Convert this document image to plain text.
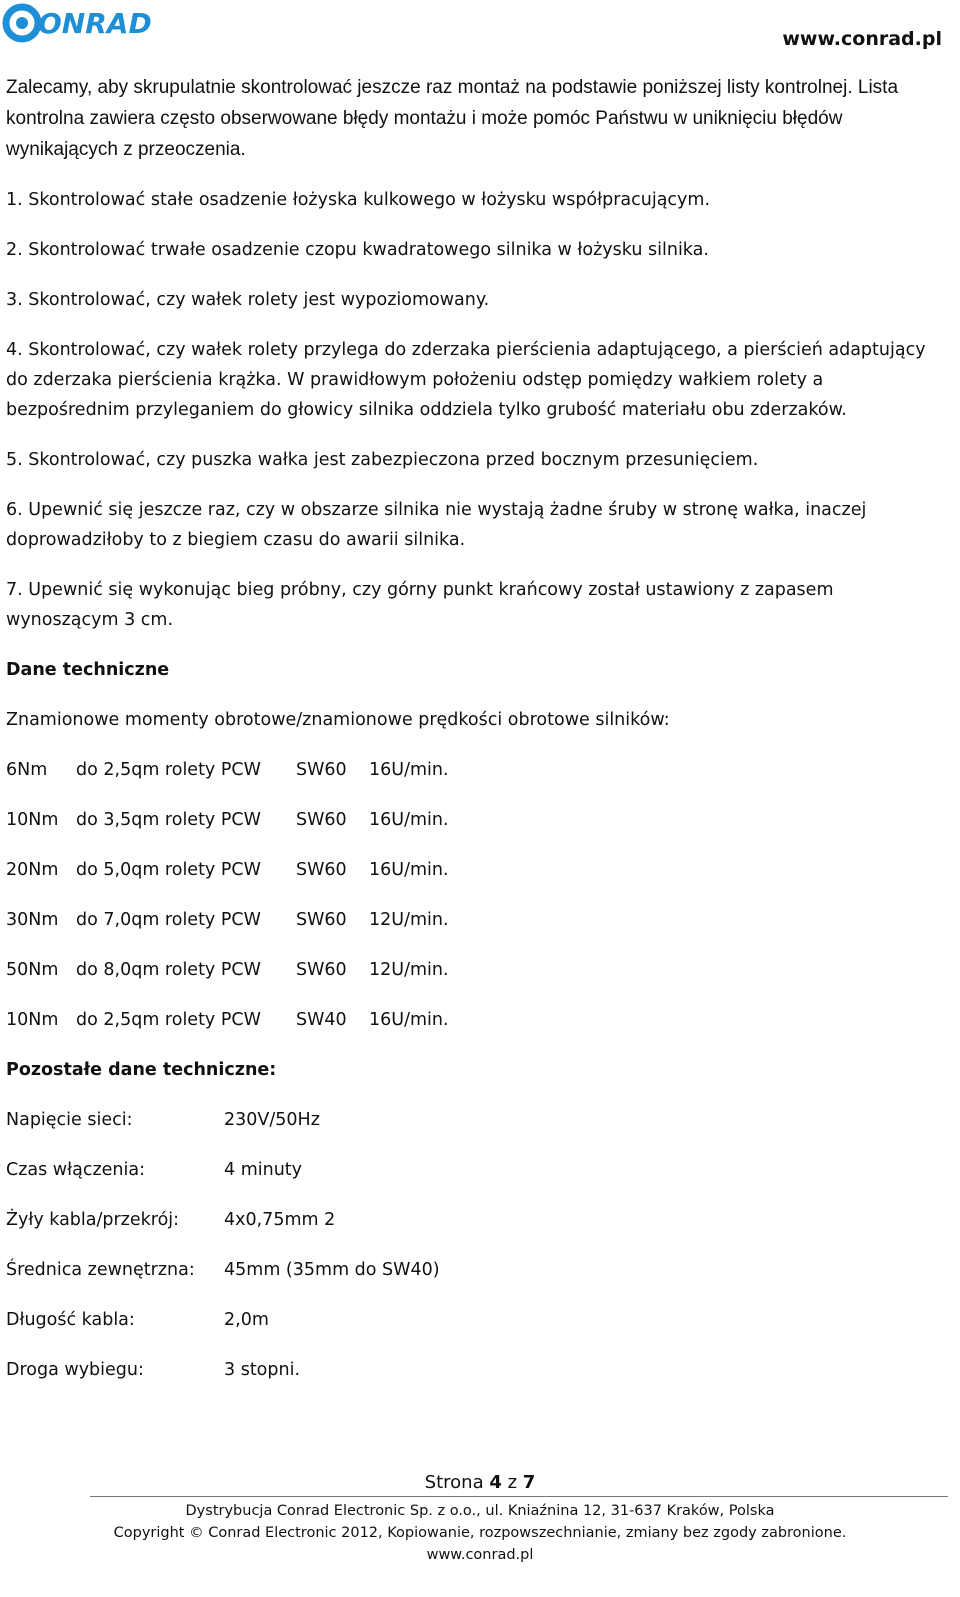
ONRAD	www.conrad.pl

Zalecamy, aby skrupulatnie skontrolować jeszcze raz montaż na podstawie poniższej listy kontrolnej. Lista kontrolna zawiera często obserwowane błędy montażu i może pomóc Państwu w uniknięciu błędów wynikających z przeoczenia.

1. Skontrolować stałe osadzenie łożyska kulkowego w łożysku współpracującym.

2. Skontrolować trwałe osadzenie czopu kwadratowego silnika w łożysku silnika.

3. Skontrolować, czy wałek rolety jest wypoziomowany.

4. Skontrolować, czy wałek rolety przylega do zderzaka pierścienia adaptującego, a pierścień adaptujący do zderzaka pierścienia krążka. W prawidłowym położeniu odstęp pomiędzy wałkiem rolety a bezpośrednim przyleganiem do głowicy silnika oddziela tylko grubość materiału obu zderzaków.

5. Skontrolować, czy puszka wałka jest zabezpieczona przed bocznym przesunięciem.

6. Upewnić się jeszcze raz, czy w obszarze silnika nie wystają żadne śruby w stronę wałka, inaczej doprowadziłoby to z biegiem czasu do awarii silnika.

7. Upewnić się wykonując bieg próbny, czy górny punkt krańcowy został ustawiony z zapasem wynoszącym 3 cm.

Dane techniczne

Znamionowe momenty obrotowe/znamionowe prędkości obrotowe silników:

6Nm	do 2,5qm rolety PCW	SW60	16U/min.
10Nm	do 3,5qm rolety PCW	SW60	16U/min.
20Nm	do 5,0qm rolety PCW	SW60	16U/min.
30Nm	do 7,0qm rolety PCW	SW60	12U/min.
50Nm	do 8,0qm rolety PCW	SW60	12U/min.
10Nm	do 2,5qm rolety PCW	SW40	16U/min.

Pozostałe dane techniczne:

Napięcie sieci:	230V/50Hz
Czas włączenia:	4 minuty
Żyły kabla/przekrój:	4x0,75mm 2
Średnica zewnętrzna:	45mm (35mm do SW40)
Długość kabla:	2,0m
Droga wybiegu:	3 stopni.
Strona 4 z 7
Dystrybucja Conrad Electronic Sp. z o.o., ul. Kniaźnina 12, 31-637 Kraków, Polska
Copyright © Conrad Electronic 2012, Kopiowanie, rozpowszechnianie, zmiany bez zgody zabronione.
www.conrad.pl
